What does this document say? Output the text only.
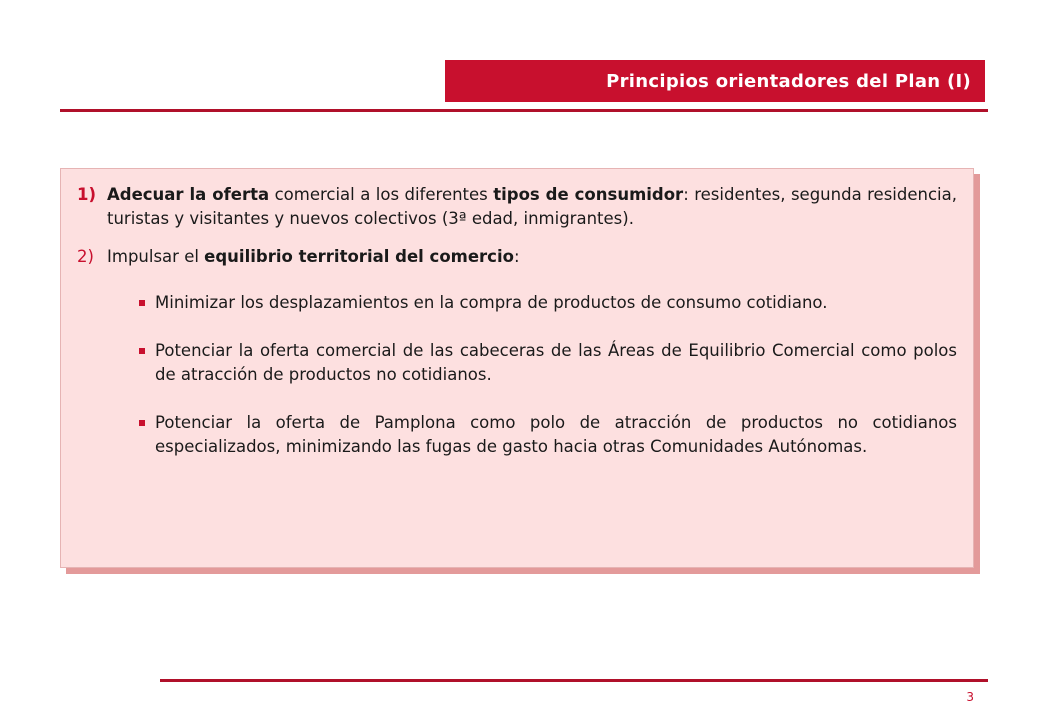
Principios orientadores del Plan (I)
1) Adecuar la oferta comercial a los diferentes tipos de consumidor: residentes, segunda residencia, turistas y visitantes y nuevos colectivos (3ª edad, inmigrantes).
2) Impulsar el equilibrio territorial del comercio:
Minimizar los desplazamientos en la compra de productos de consumo cotidiano.
Potenciar la oferta comercial de las cabeceras de las Áreas de Equilibrio Comercial como polos de atracción de productos no cotidianos.
Potenciar la oferta de Pamplona como polo de atracción de productos no cotidianos especializados, minimizando las fugas de gasto hacia otras Comunidades Autónomas.
3
